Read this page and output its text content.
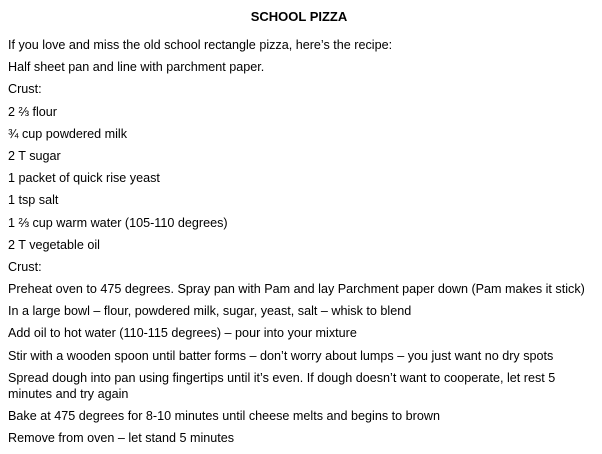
SCHOOL PIZZA
If you love and miss the old school rectangle pizza, here’s the recipe:
Half sheet pan and line with parchment paper.
Crust:
2 ⅔ flour
¾ cup powdered milk
2 T sugar
1 packet of quick rise yeast
1 tsp salt
1 ⅔ cup warm water (105-110 degrees)
2 T vegetable oil
Crust:
Preheat oven to 475 degrees. Spray pan with Pam and lay Parchment paper down (Pam makes it stick)
In a large bowl – flour, powdered milk, sugar, yeast, salt – whisk to blend
Add oil to hot water (110-115 degrees) – pour into your mixture
Stir with a wooden spoon until batter forms – don’t worry about lumps – you just want no dry spots
Spread dough into pan using fingertips until it’s even. If dough doesn’t want to cooperate, let rest 5 minutes and try again
Bake at 475 degrees for 8-10 minutes until cheese melts and begins to brown
Remove from oven – let stand 5 minutes
